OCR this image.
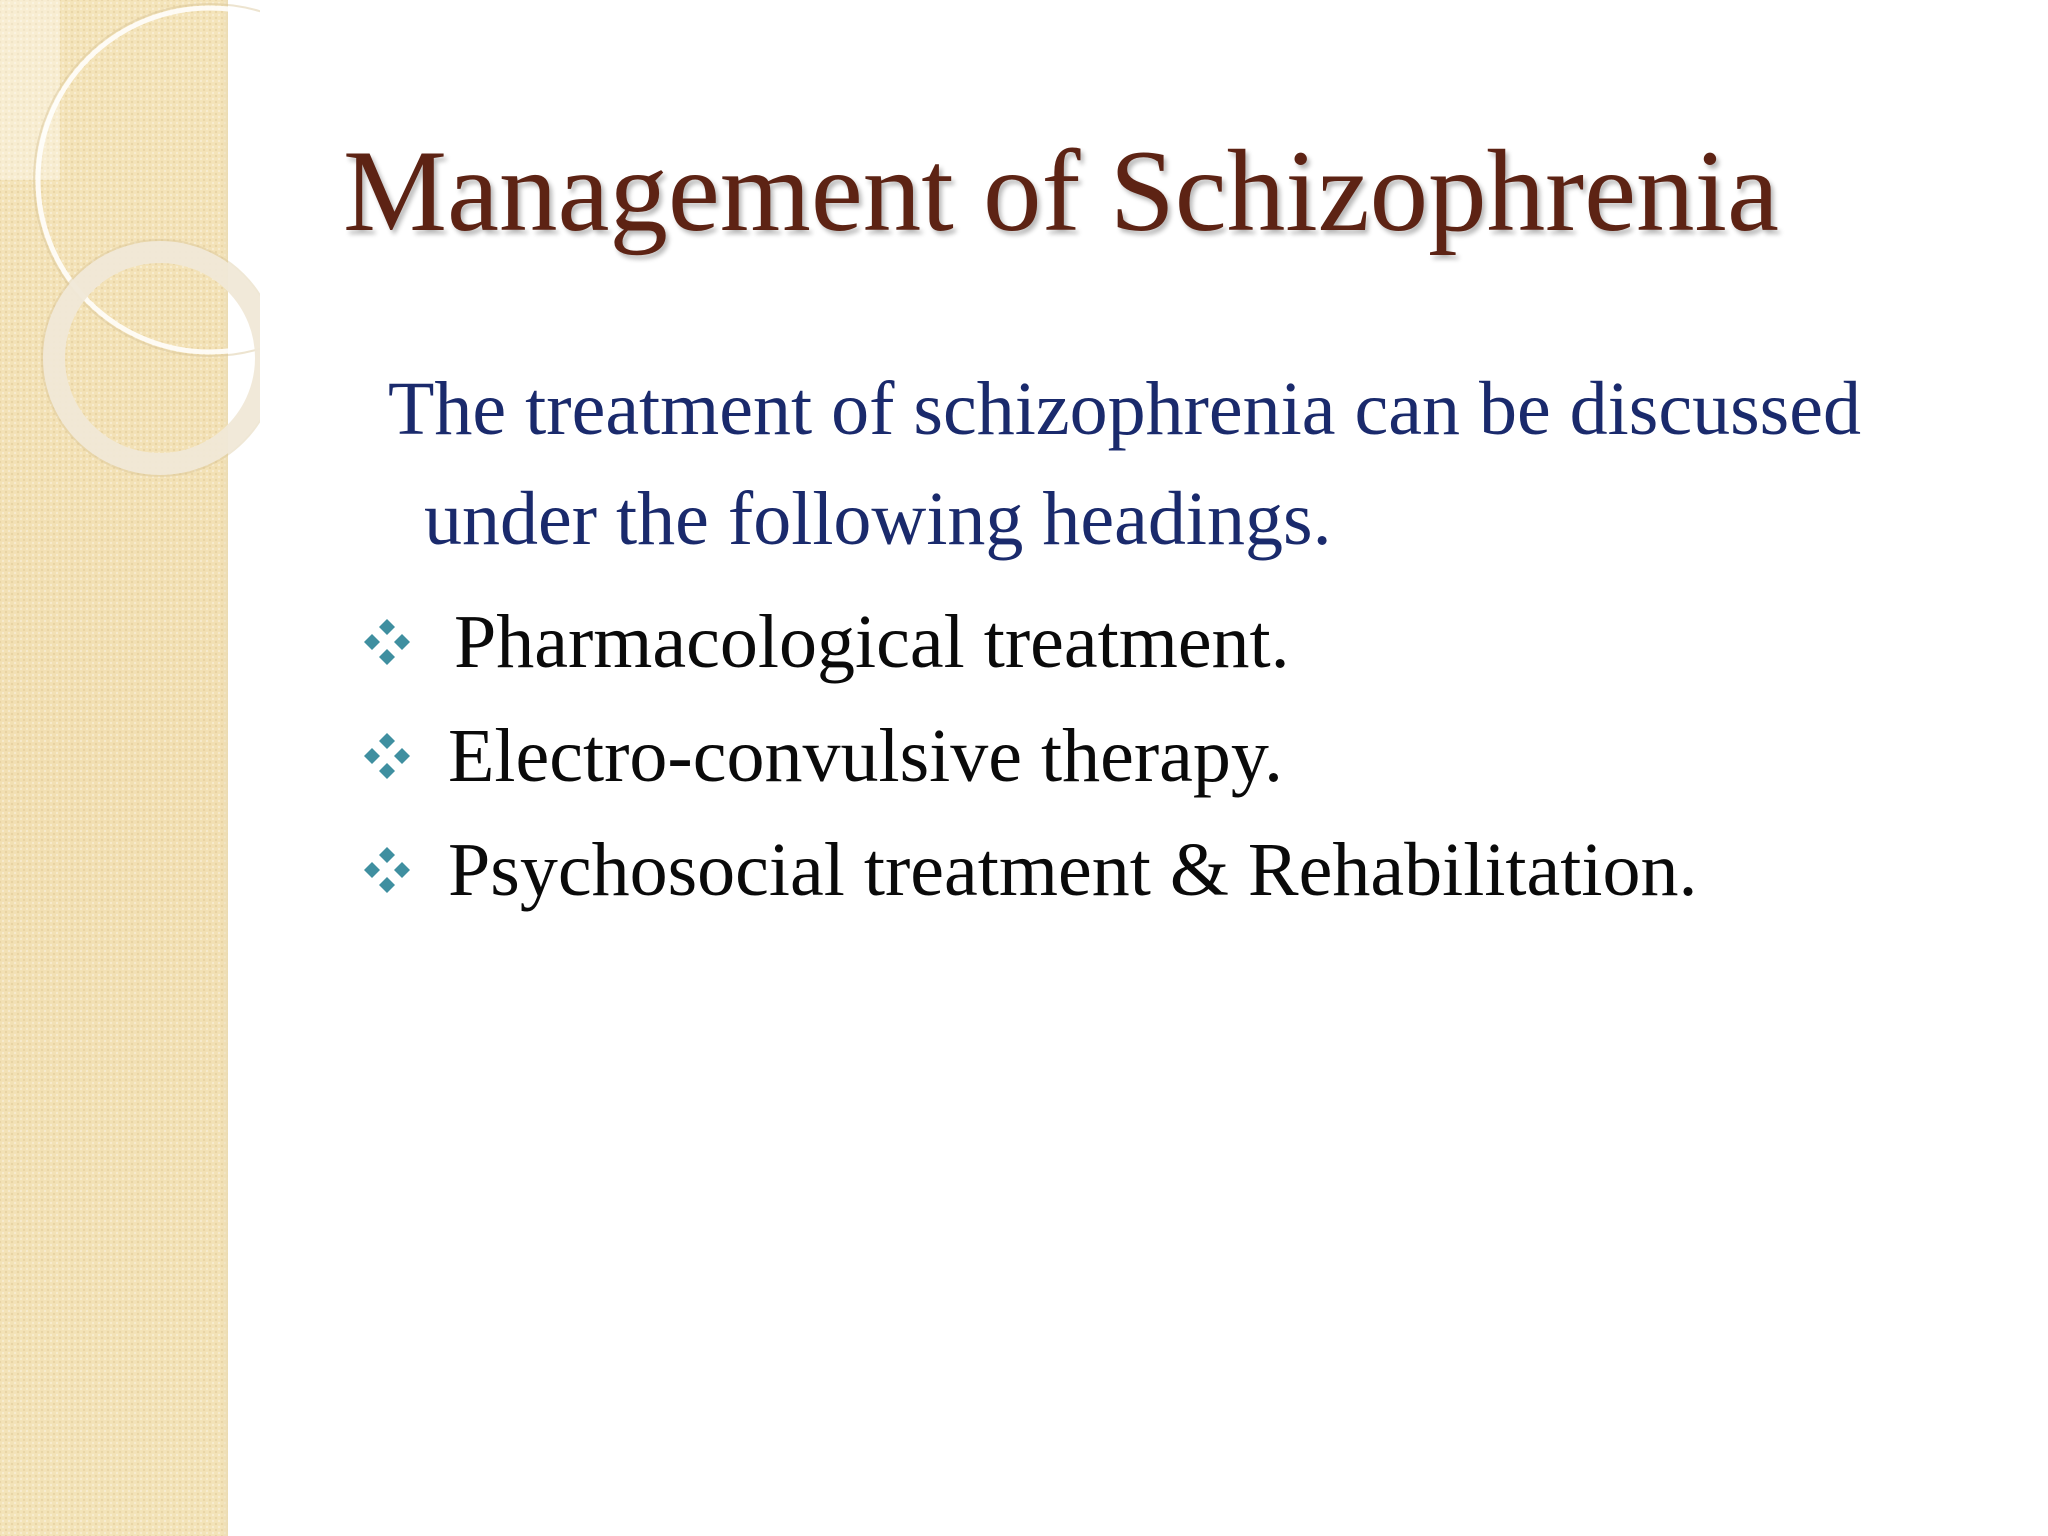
Management of Schizophrenia

The treatment of schizophrenia can be discussed
under the following headings.

Pharmacological treatment.
Electro-convulsive therapy.
Psychosocial treatment & Rehabilitation.
